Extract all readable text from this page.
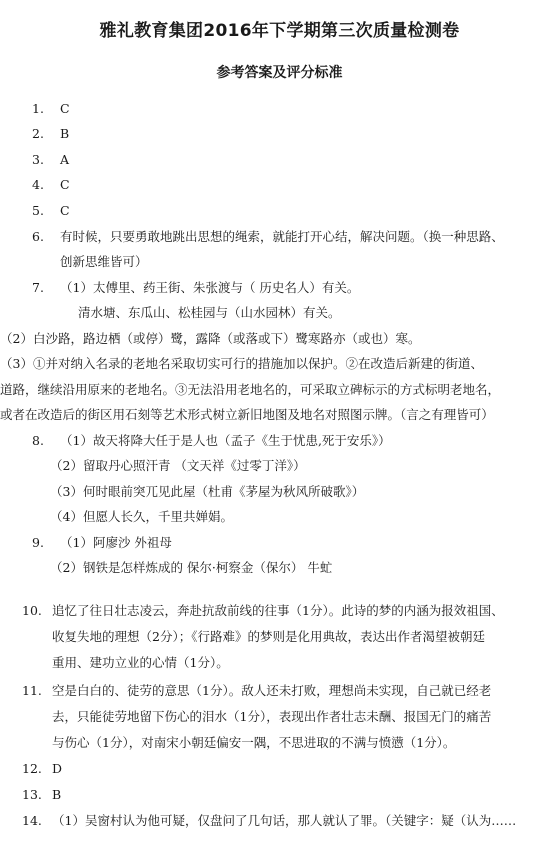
雅礼教育集团2016年下学期第三次质量检测卷
参考答案及评分标准
1. C
2. B
3. A
4. C
5. C
6. 有时候，只要勇敢地跳出思想的绳索，就能打开心结，解决问题。（换一种思路、
创新思维皆可）
7. （1）太傅里、药王街、朱张渡与（ 历史名人）有关。
清水塘、东瓜山、松桂园与（山水园林）有关。
（2）白沙路，路边栖（或停）鹭，露降（或落或下）鹭寒路亦（或也）寒。
（3）①并对纳入名录的老地名采取切实可行的措施加以保护。②在改造后新建的街道、
道路，继续沿用原来的老地名。③无法沿用老地名的，可采取立碑标示的方式标明老地名，
或者在改造后的街区用石刻等艺术形式树立新旧地图及地名对照图示牌。（言之有理皆可）
8. （1）故天将降大任于是人也（孟子《生于忧患,死于安乐》）
（2）留取丹心照汗青 （文天祥《过零丁洋》）
（3）何时眼前突兀见此屋（杜甫《茅屋为秋风所破歌》）
（4）但愿人长久，千里共婵娟。
9. （1）阿廖沙 外祖母
（2）钢铁是怎样炼成的 保尔·柯察金（保尔） 牛虻
10. 追忆了往日壮志凌云，奔赴抗敌前线的往事（1分）。此诗的梦的内涵为报效祖国、
收复失地的理想（2分）；《行路难》的梦则是化用典故，表达出作者渴望被朝廷
重用、建功立业的心情（1分）。
11. 空是白白的、徒劳的意思（1分）。敌人还未打败，理想尚未实现，自己就已经老
去，只能徒劳地留下伤心的泪水（1分），表现出作者壮志未酬、报国无门的痛苦
与伤心（1分），对南宋小朝廷偏安一隅，不思进取的不满与愤懑（1分）。
12. D
13. B
14. （1）吴窗村认为他可疑，仅盘问了几句话，那人就认了罪。（关键字：疑（认为……
